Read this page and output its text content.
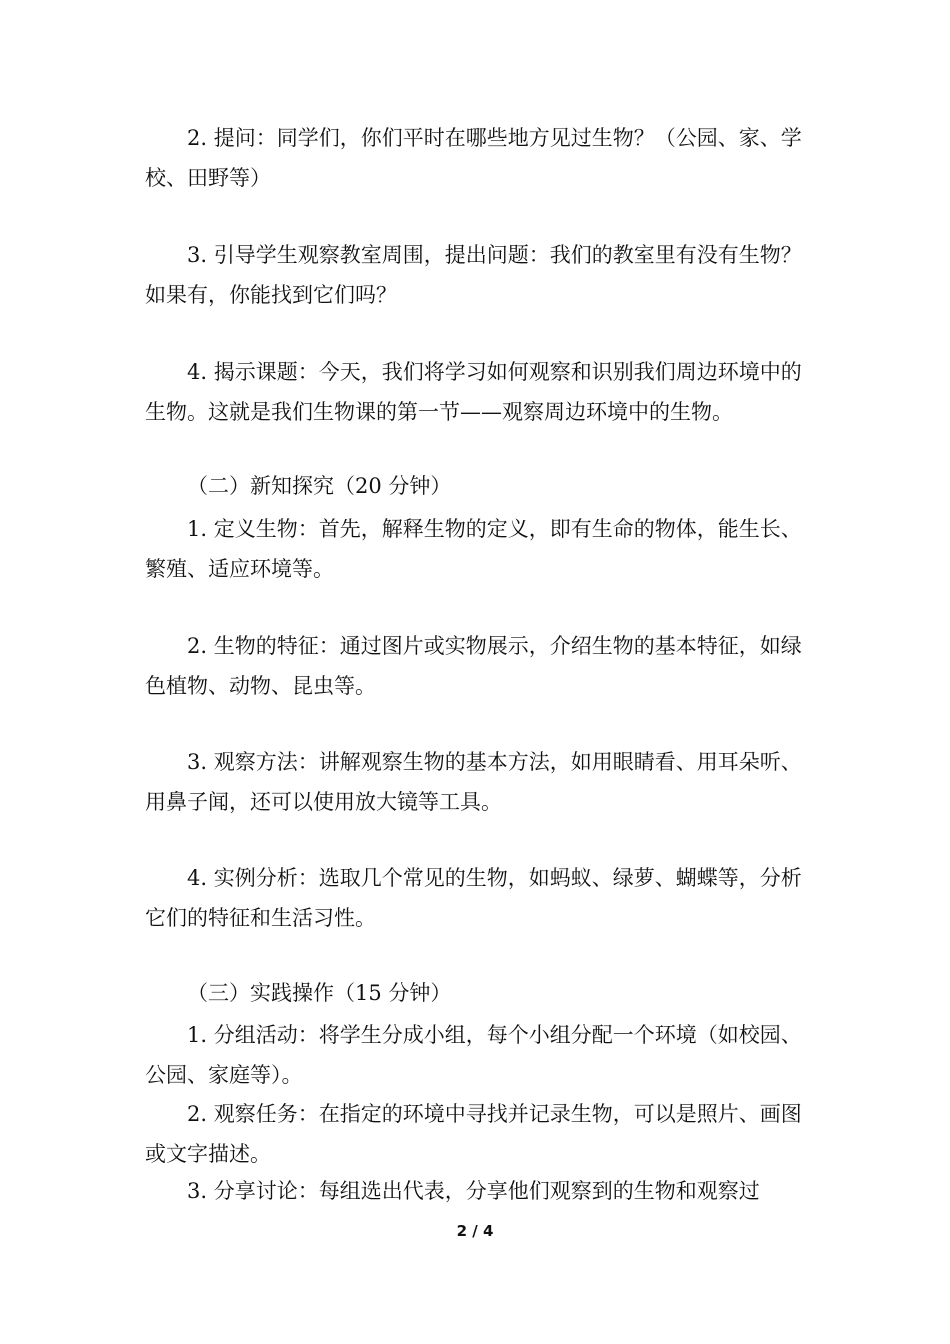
2. 提问：同学们，你们平时在哪些地方见过生物？（公园、家、学校、田野等）

3. 引导学生观察教室周围，提出问题：我们的教室里有没有生物？如果有，你能找到它们吗？

4. 揭示课题：今天，我们将学习如何观察和识别我们周边环境中的生物。这就是我们生物课的第一节——观察周边环境中的生物。

（二）新知探究（20 分钟）

1. 定义生物：首先，解释生物的定义，即有生命的物体，能生长、繁殖、适应环境等。

2. 生物的特征：通过图片或实物展示，介绍生物的基本特征，如绿色植物、动物、昆虫等。

3. 观察方法：讲解观察生物的基本方法，如用眼睛看、用耳朵听、用鼻子闻，还可以使用放大镜等工具。

4. 实例分析：选取几个常见的生物，如蚂蚁、绿萝、蝴蝶等，分析它们的特征和生活习性。

（三）实践操作（15 分钟）

1. 分组活动：将学生分成小组，每个小组分配一个环境（如校园、公园、家庭等）。

2. 观察任务：在指定的环境中寻找并记录生物，可以是照片、画图或文字描述。

3. 分享讨论：每组选出代表，分享他们观察到的生物和观察过

2 / 4
